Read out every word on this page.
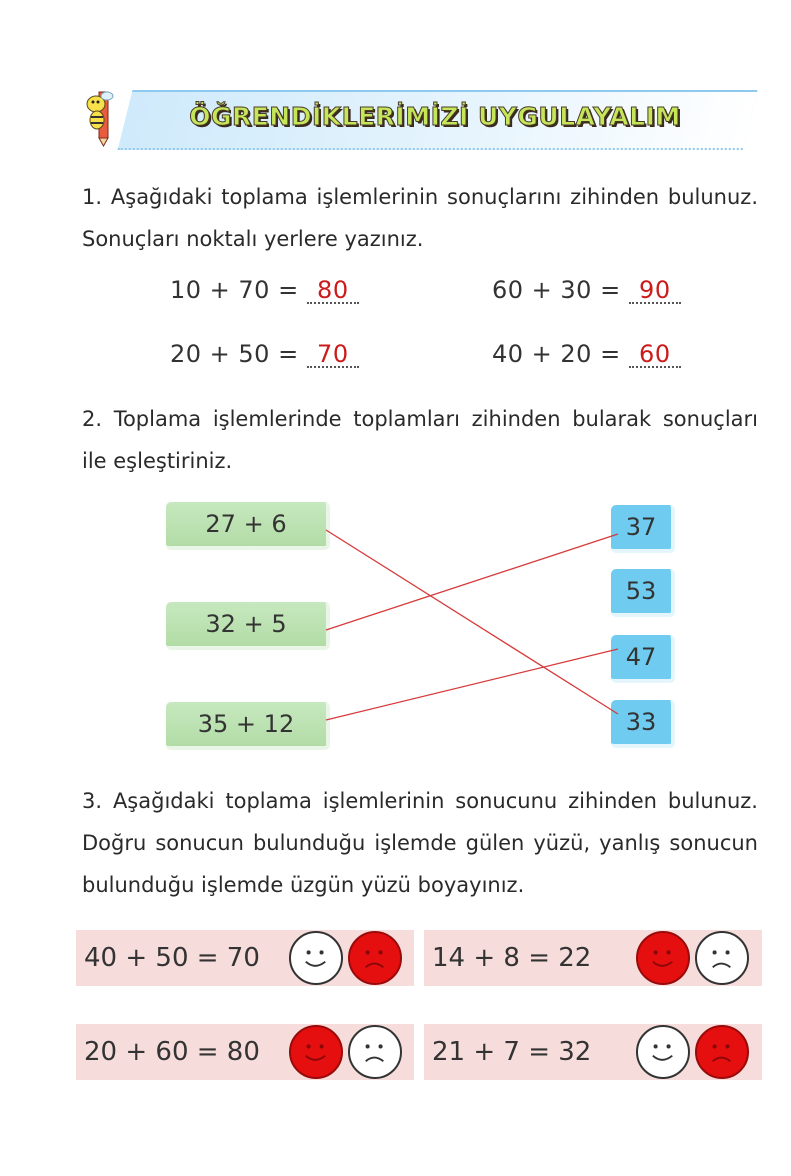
ÖĞRENDİKLERİMİZİ UYGULAYALIM
1. Aşağıdaki toplama işlemlerinin sonuçlarını zihinden bulunuz. Sonuçları noktalı yerlere yazınız.
10 + 70 = 80	60 + 30 = 90
20 + 50 = 70	40 + 20 = 60
2. Toplama işlemlerinde toplamları zihinden bularak sonuçları ile eşleştiriniz.
27 + 6
32 + 5
35 + 12
37
53
47
33
3. Aşağıdaki toplama işlemlerinin sonucunu zihinden bulunuz. Doğru sonucun bulunduğu işlemde gülen yüzü, yanlış sonucun bulunduğu işlemde üzgün yüzü boyayınız.
40 + 50 = 70	14 + 8 = 22
20 + 60 = 80	21 + 7 = 32
